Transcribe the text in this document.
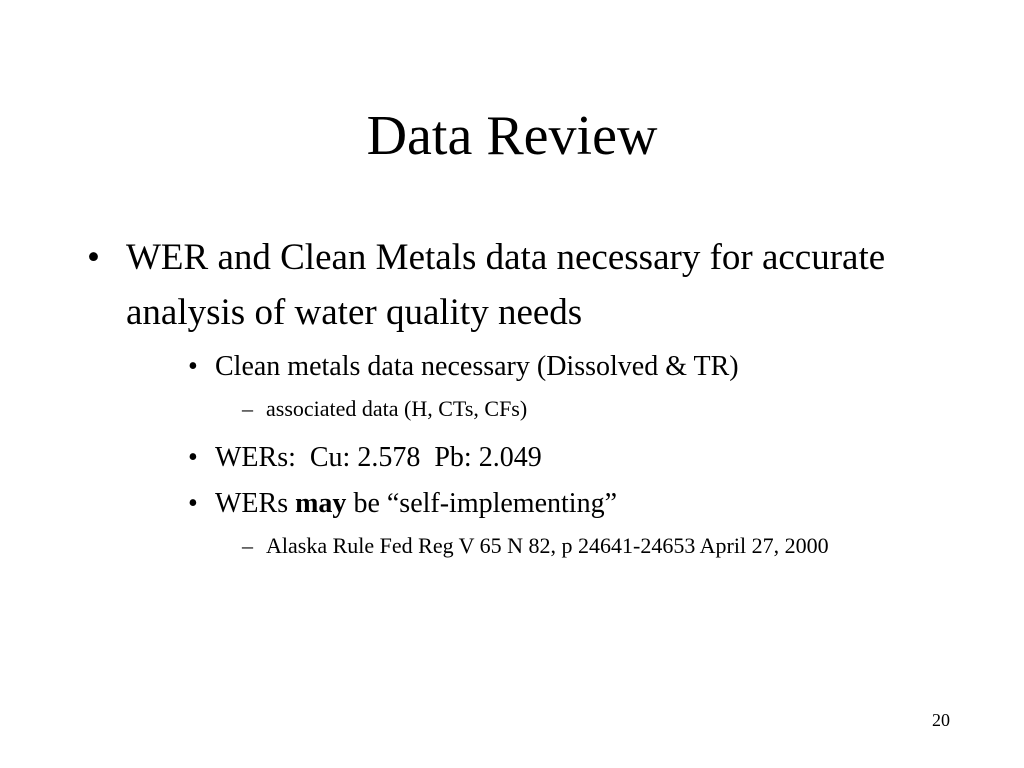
Data Review

• WER and Clean Metals data necessary for accurate analysis of water quality needs

• Clean metals data necessary (Dissolved & TR)

– associated data (H, CTs, CFs)

• WERs:  Cu: 2.578  Pb: 2.049

• WERs may be “self-implementing”

– Alaska Rule Fed Reg V 65 N 82, p 24641-24653 April 27, 2000

20
